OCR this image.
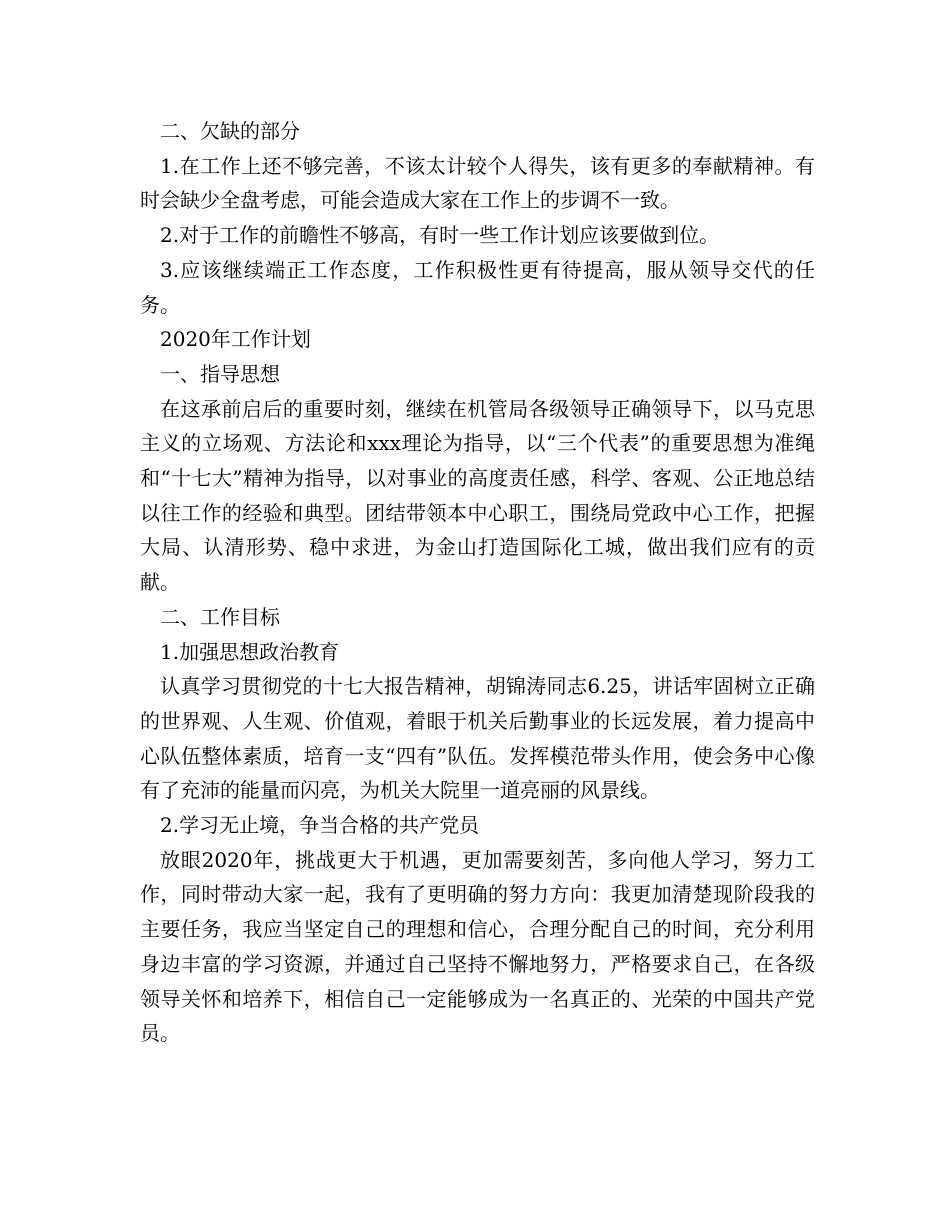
二、欠缺的部分

1.在工作上还不够完善，不该太计较个人得失，该有更多的奉献精神。有时会缺少全盘考虑，可能会造成大家在工作上的步调不一致。

2.对于工作的前瞻性不够高，有时一些工作计划应该要做到位。

3.应该继续端正工作态度，工作积极性更有待提高，服从领导交代的任务。

2020年工作计划

一、指导思想

在这承前启后的重要时刻，继续在机管局各级领导正确领导下，以马克思主义的立场观、方法论和xxx理论为指导，以“三个代表”的重要思想为准绳和“十七大”精神为指导，以对事业的高度责任感，科学、客观、公正地总结以往工作的经验和典型。团结带领本中心职工，围绕局党政中心工作，把握大局、认清形势、稳中求进，为金山打造国际化工城，做出我们应有的贡献。

二、工作目标

1.加强思想政治教育

认真学习贯彻党的十七大报告精神，胡锦涛同志6.25，讲话牢固树立正确的世界观、人生观、价值观，着眼于机关后勤事业的长远发展，着力提高中心队伍整体素质，培育一支“四有”队伍。发挥模范带头作用，使会务中心像有了充沛的能量而闪亮，为机关大院里一道亮丽的风景线。

2.学习无止境，争当合格的共产党员

放眼2020年，挑战更大于机遇，更加需要刻苦，多向他人学习，努力工作，同时带动大家一起，我有了更明确的努力方向：我更加清楚现阶段我的主要任务，我应当坚定自己的理想和信心，合理分配自己的时间，充分利用身边丰富的学习资源，并通过自己坚持不懈地努力，严格要求自己，在各级领导关怀和培养下，相信自己一定能够成为一名真正的、光荣的中国共产党员。
